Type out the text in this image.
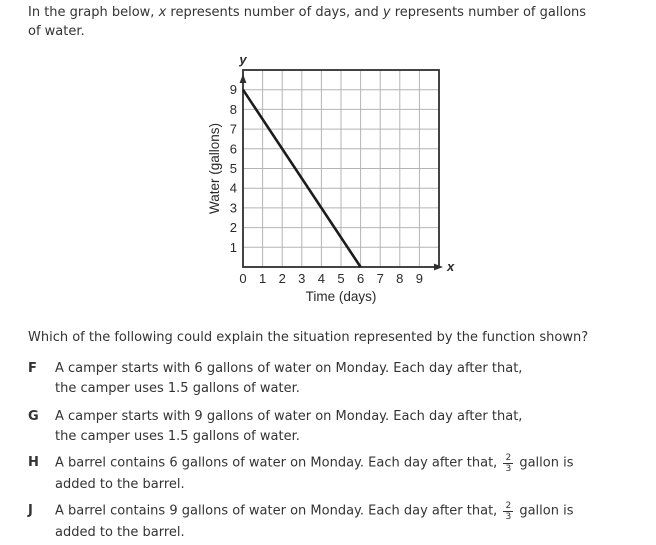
In the graph below, x represents number of days, and y represents number of gallons
of water.
0 1 2 3 4 5 6 7 8 9
1
2
3
4
5
6
7
8
9
y
x
Time (days)
Water (gallons)
Which of the following could explain the situation represented by the function shown?
F	A camper starts with 6 gallons of water on Monday. Each day after that,
the camper uses 1.5 gallons of water.
G	A camper starts with 9 gallons of water on Monday. Each day after that,
the camper uses 1.5 gallons of water.
H	A barrel contains 6 gallons of water on Monday. Each day after that, $\frac{2}{3}$ gallon is
added to the barrel.
J	A barrel contains 9 gallons of water on Monday. Each day after that, $\frac{2}{3}$ gallon is
added to the barrel.
